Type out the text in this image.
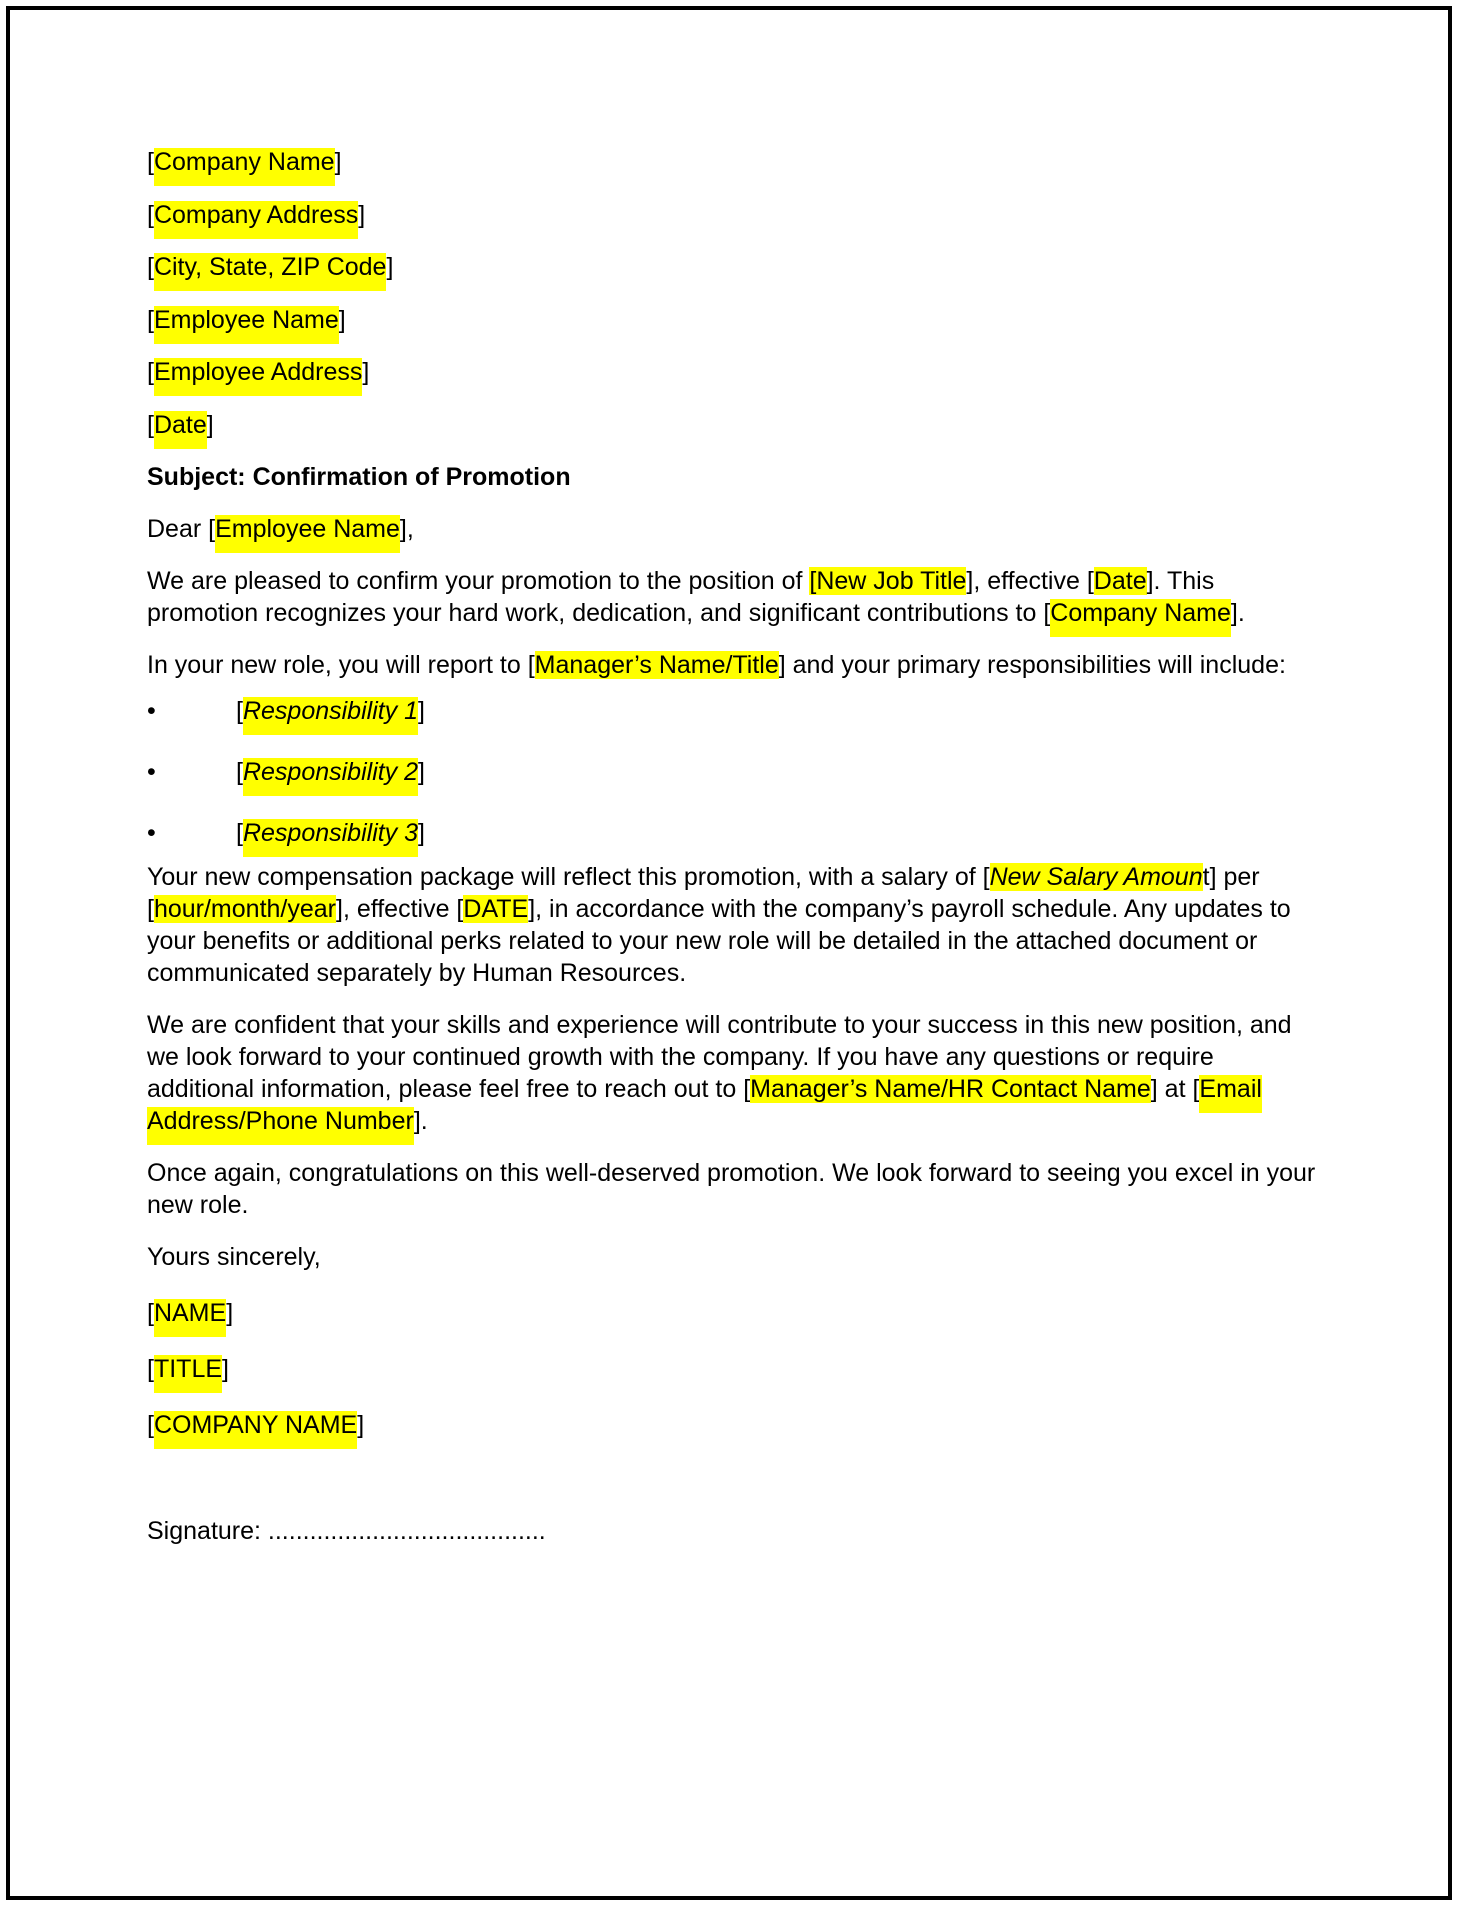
[Company Name]

[Company Address]

[City, State, ZIP Code]

[Employee Name]

[Employee Address]

[Date]

Subject: Confirmation of Promotion

Dear [Employee Name],

We are pleased to confirm your promotion to the position of [New Job Title], effective [Date]. This promotion recognizes your hard work, dedication, and significant contributions to [Company Name].

In your new role, you will report to [Manager’s Name/Title] and your primary responsibilities will include:

•	[Responsibility 1]
•	[Responsibility 2]
•	[Responsibility 3]

Your new compensation package will reflect this promotion, with a salary of [New Salary Amount] per [hour/month/year], effective [DATE], in accordance with the company’s payroll schedule. Any updates to your benefits or additional perks related to your new role will be detailed in the attached document or communicated separately by Human Resources.

We are confident that your skills and experience will contribute to your success in this new position, and we look forward to your continued growth with the company. If you have any questions or require additional information, please feel free to reach out to [Manager’s Name/HR Contact Name] at [Email Address/Phone Number].

Once again, congratulations on this well-deserved promotion. We look forward to seeing you excel in your new role.

Yours sincerely,

[NAME]

[TITLE]

[COMPANY NAME]

Signature: ........................................
